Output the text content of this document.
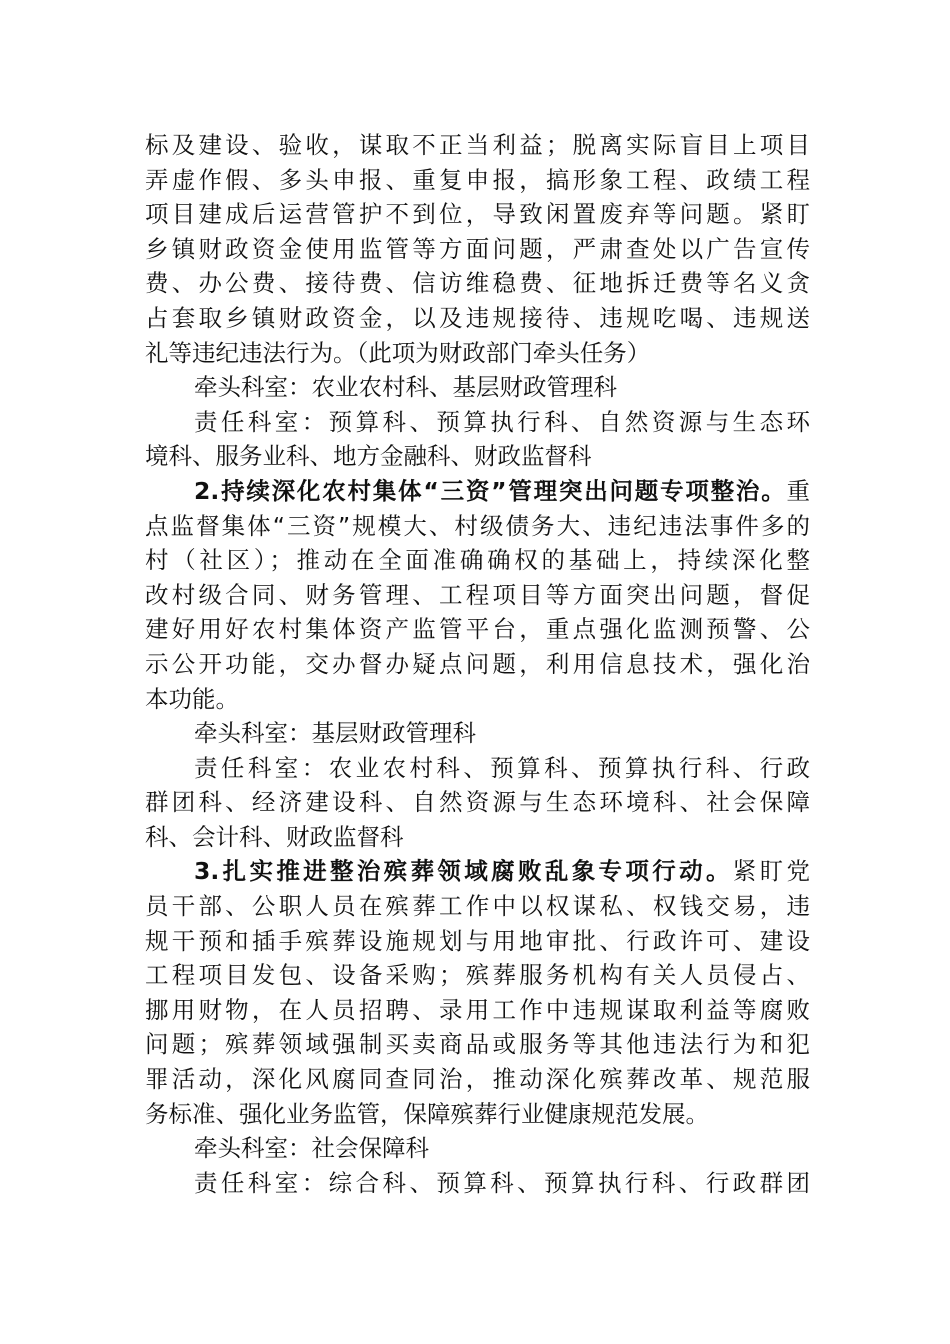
标及建设、验收，谋取不正当利益；脱离实际盲目上项目
弄虚作假、多头申报、重复申报，搞形象工程、政绩工程
项目建成后运营管护不到位，导致闲置废弃等问题。紧盯
乡镇财政资金使用监管等方面问题，严肃查处以广告宣传
费、办公费、接待费、信访维稳费、征地拆迁费等名义贪
占套取乡镇财政资金，以及违规接待、违规吃喝、违规送
礼等违纪违法行为。（此项为财政部门牵头任务）
牵头科室：农业农村科、基层财政管理科
责任科室：预算科、预算执行科、自然资源与生态环
境科、服务业科、地方金融科、财政监督科
2.持续深化农村集体“三资”管理突出问题专项整治。重
点监督集体“三资”规模大、村级债务大、违纪违法事件多的
村（社区）；推动在全面准确确权的基础上，持续深化整
改村级合同、财务管理、工程项目等方面突出问题，督促
建好用好农村集体资产监管平台，重点强化监测预警、公
示公开功能，交办督办疑点问题，利用信息技术，强化治
本功能。
牵头科室：基层财政管理科
责任科室：农业农村科、预算科、预算执行科、行政
群团科、经济建设科、自然资源与生态环境科、社会保障
科、会计科、财政监督科
3.扎实推进整治殡葬领域腐败乱象专项行动。紧盯党
员干部、公职人员在殡葬工作中以权谋私、权钱交易，违
规干预和插手殡葬设施规划与用地审批、行政许可、建设
工程项目发包、设备采购；殡葬服务机构有关人员侵占、
挪用财物，在人员招聘、录用工作中违规谋取利益等腐败
问题；殡葬领域强制买卖商品或服务等其他违法行为和犯
罪活动，深化风腐同查同治，推动深化殡葬改革、规范服
务标准、强化业务监管，保障殡葬行业健康规范发展。
牵头科室：社会保障科
责任科室：综合科、预算科、预算执行科、行政群团
